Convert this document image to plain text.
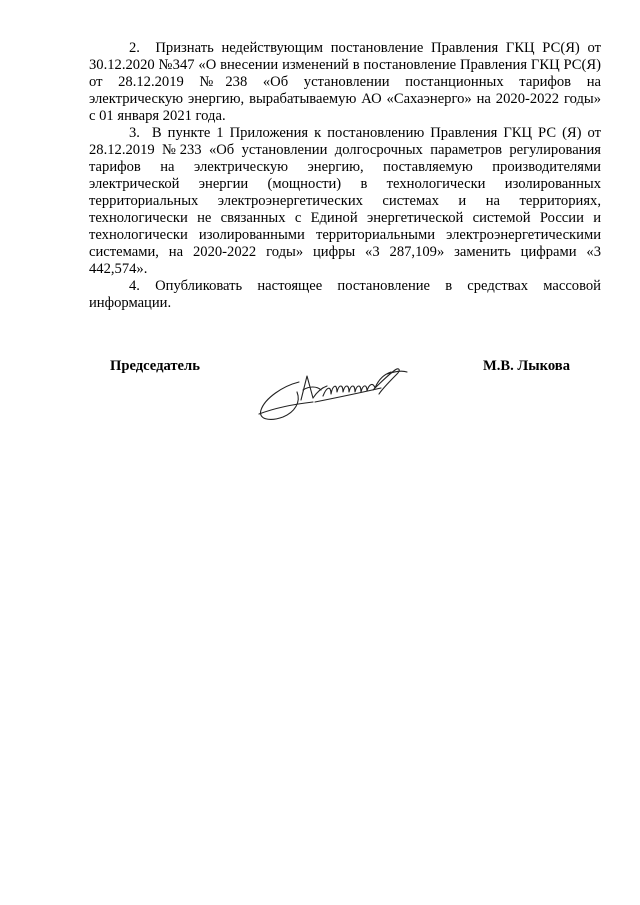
2.  Признать недействующим постановление Правления ГКЦ РС(Я) от 30.12.2020 №347 «О внесении изменений в постановление Правления ГКЦ РС(Я) от 28.12.2019 №238 «Об установлении постанционных тарифов на электрическую энергию, вырабатываемую АО «Сахаэнерго» на 2020-2022 годы» с 01 января 2021 года.

3.  В пункте 1 Приложения к постановлению Правления ГКЦ РС (Я) от 28.12.2019 №233 «Об установлении долгосрочных параметров регулирования тарифов на электрическую энергию, поставляемую производителями электрической энергии (мощности) в технологически изолированных территориальных электроэнергетических системах и на территориях, технологически не связанных с Единой энергетической системой России и технологически изолированными территориальными электроэнергетическими системами, на 2020-2022 годы» цифры «3 287,109» заменить цифрами «3 442,574».

4. Опубликовать настоящее постановление в средствах массовой информации.

Председатель	М.В. Лыкова
